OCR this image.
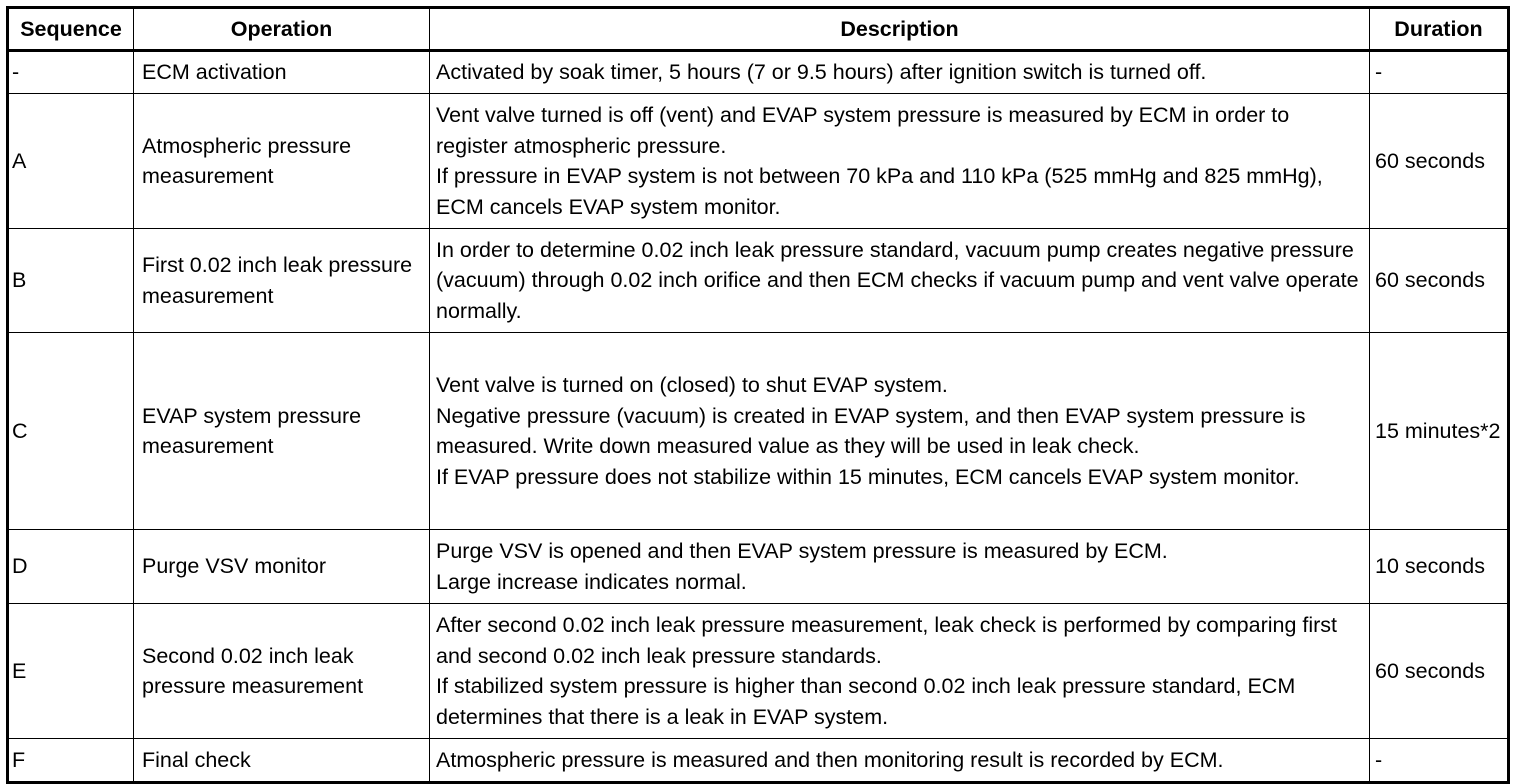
Sequence	Operation	Description	Duration
-	ECM activation	Activated by soak timer, 5 hours (7 or 9.5 hours) after ignition switch is turned off.	-
A	Atmospheric pressure measurement	Vent valve turned is off (vent) and EVAP system pressure is measured by ECM in order to register atmospheric pressure.
If pressure in EVAP system is not between 70 kPa and 110 kPa (525 mmHg and 825 mmHg), ECM cancels EVAP system monitor.	60 seconds
B	First 0.02 inch leak pressure measurement	In order to determine 0.02 inch leak pressure standard, vacuum pump creates negative pressure (vacuum) through 0.02 inch orifice and then ECM checks if vacuum pump and vent valve operate normally.	60 seconds
C	EVAP system pressure measurement	Vent valve is turned on (closed) to shut EVAP system.
Negative pressure (vacuum) is created in EVAP system, and then EVAP system pressure is measured. Write down measured value as they will be used in leak check.
If EVAP pressure does not stabilize within 15 minutes, ECM cancels EVAP system monitor.	15 minutes*2
D	Purge VSV monitor	Purge VSV is opened and then EVAP system pressure is measured by ECM.
Large increase indicates normal.	10 seconds
E	Second 0.02 inch leak pressure measurement	After second 0.02 inch leak pressure measurement, leak check is performed by comparing first and second 0.02 inch leak pressure standards.
If stabilized system pressure is higher than second 0.02 inch leak pressure standard, ECM determines that there is a leak in EVAP system.	60 seconds
F	Final check	Atmospheric pressure is measured and then monitoring result is recorded by ECM.	-
